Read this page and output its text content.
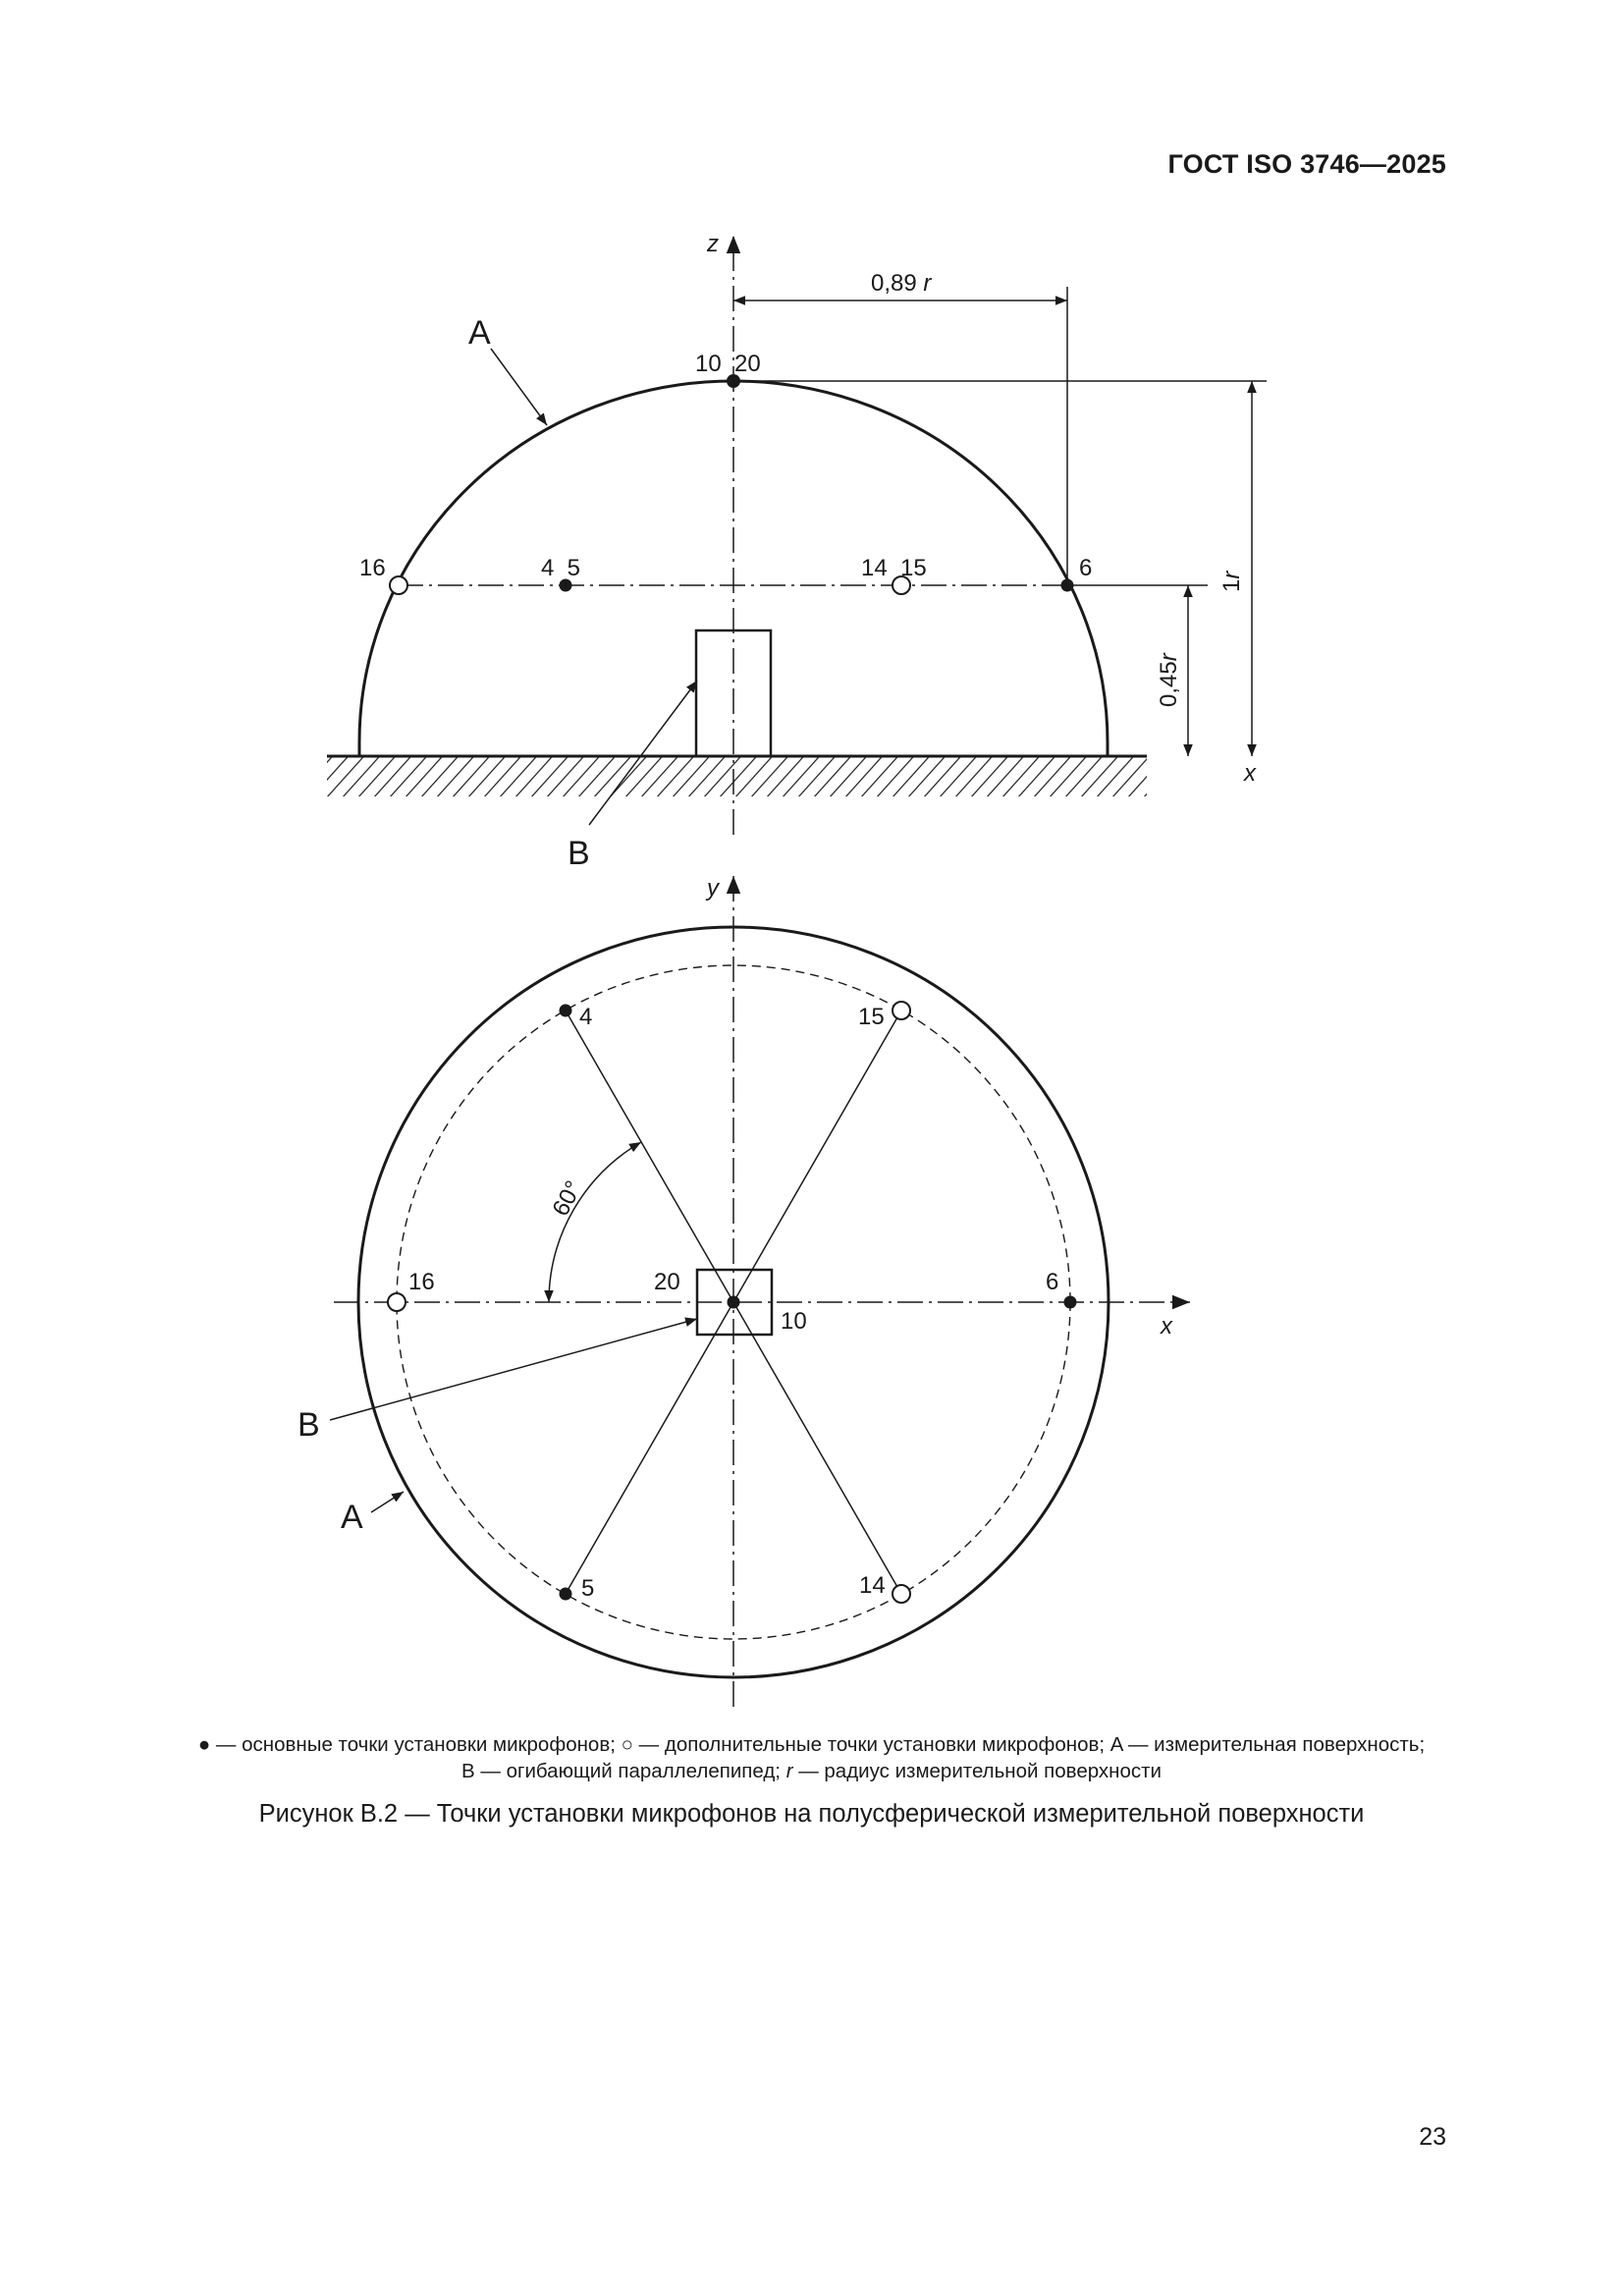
ГОСТ ISO 3746—2025
z
x
0,89 r
1r
0,45r
A
B
10  20
16	4  5	14  15	6
y
x
60°
B
A
4	15
16	20
10
6
5	14
● — основные точки установки микрофонов; ○ — дополнительные точки установки микрофонов; A — измерительная поверхность;
B — огибающий параллелепипед; r — радиус измерительной поверхности
Рисунок В.2 — Точки установки микрофонов на полусферической измерительной поверхности
23
